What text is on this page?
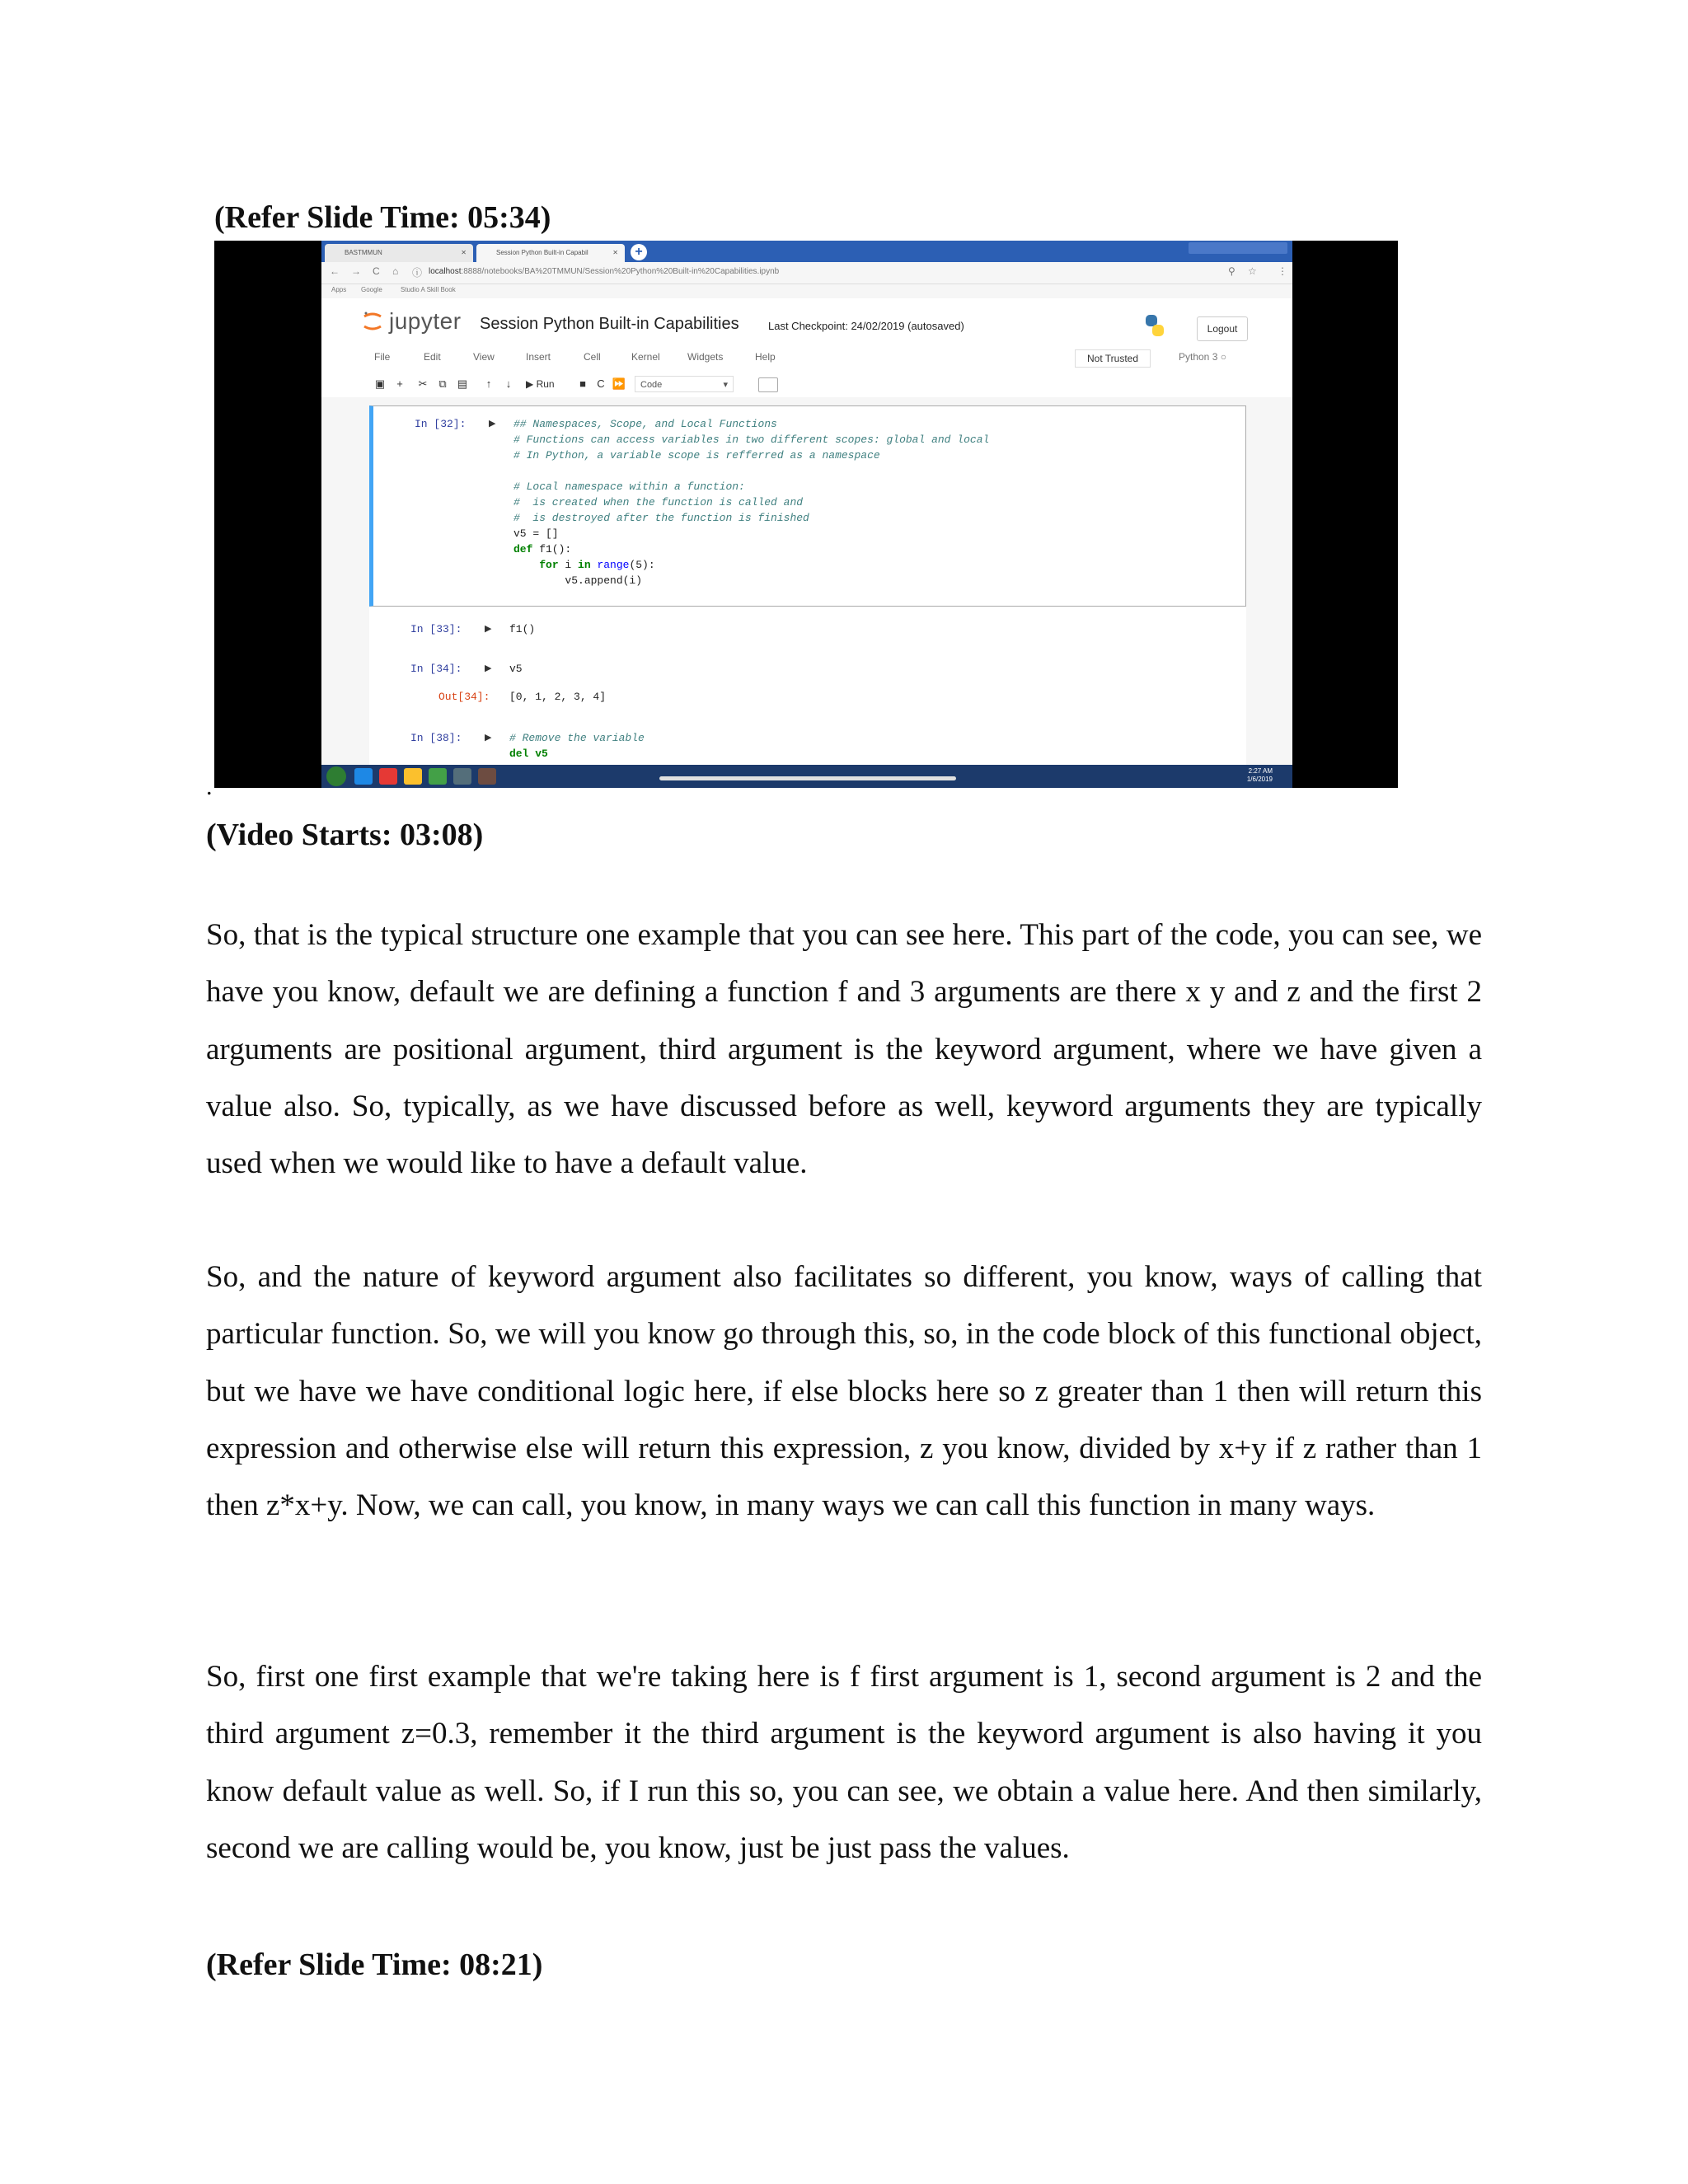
(Refer Slide Time: 05:34)
BASTMMUN	✕	Session Python Built-in Capabil	✕	+
← → C ⌂ ⓘ localhost:8888/notebooks/BA%20TMMUN/Session%20Python%20Built-in%20Capabilities.ipynb	⚲ ☆ ⋮
Apps Google	Studio A Skill Book
jupyter Session Python Built-in Capabilities	Last Checkpoint: 24/02/2019 (autosaved)	Logout
File	Edit	View	Insert	Cell	Kernel	Widgets	Help	Not Trusted	Python 3 ○
▣	+	✂	⧉	▤	↑	↓	▶ Run	■	C ⏩	Code	▾
In [32]:	▶ ## Namespaces, Scope, and Local Functions
# Functions can access variables in two different scopes: global and local
# In Python, a variable scope is refferred as a namespace

# Local namespace within a function:
#  is created when the function is called and
#  is destroyed after the function is finished
v5 = []
def f1():
for i in range(5):
v5.append(i)
In [33]:	▶ f1()
In [34]:	▶ v5
Out[34]: [0, 1, 2, 3, 4]
In [38]:	▶ # Remove the variable
del v5
2:27 AM
1/6/2019
.
(Video Starts: 03:08)

So, that is the typical structure one example that you can see here. This part of the code, you can see, we have you know, default we are defining a function f and 3 arguments are there x y and z and the first 2 arguments are positional argument, third argument is the keyword argument, where we have given a value also. So, typically, as we have discussed before as well, keyword arguments they are typically used when we would like to have a default value.

So, and the nature of keyword argument also facilitates so different, you know, ways of calling that particular function. So, we will you know go through this, so, in the code block of this functional object, but we have we have conditional logic here, if else blocks here so z greater than 1 then will return this expression and otherwise else will return this expression, z you know, divided by x+y if z rather than 1 then z*x+y. Now, we can call, you know, in many ways we can call this function in many ways.

So, first one first example that we're taking here is f first argument is 1, second argument is 2 and the third argument z=0.3, remember it the third argument is the keyword argument is also having it you know default value as well. So, if I run this so, you can see, we obtain a value here. And then similarly, second we are calling would be, you know, just be just pass the values.

(Refer Slide Time: 08:21)
